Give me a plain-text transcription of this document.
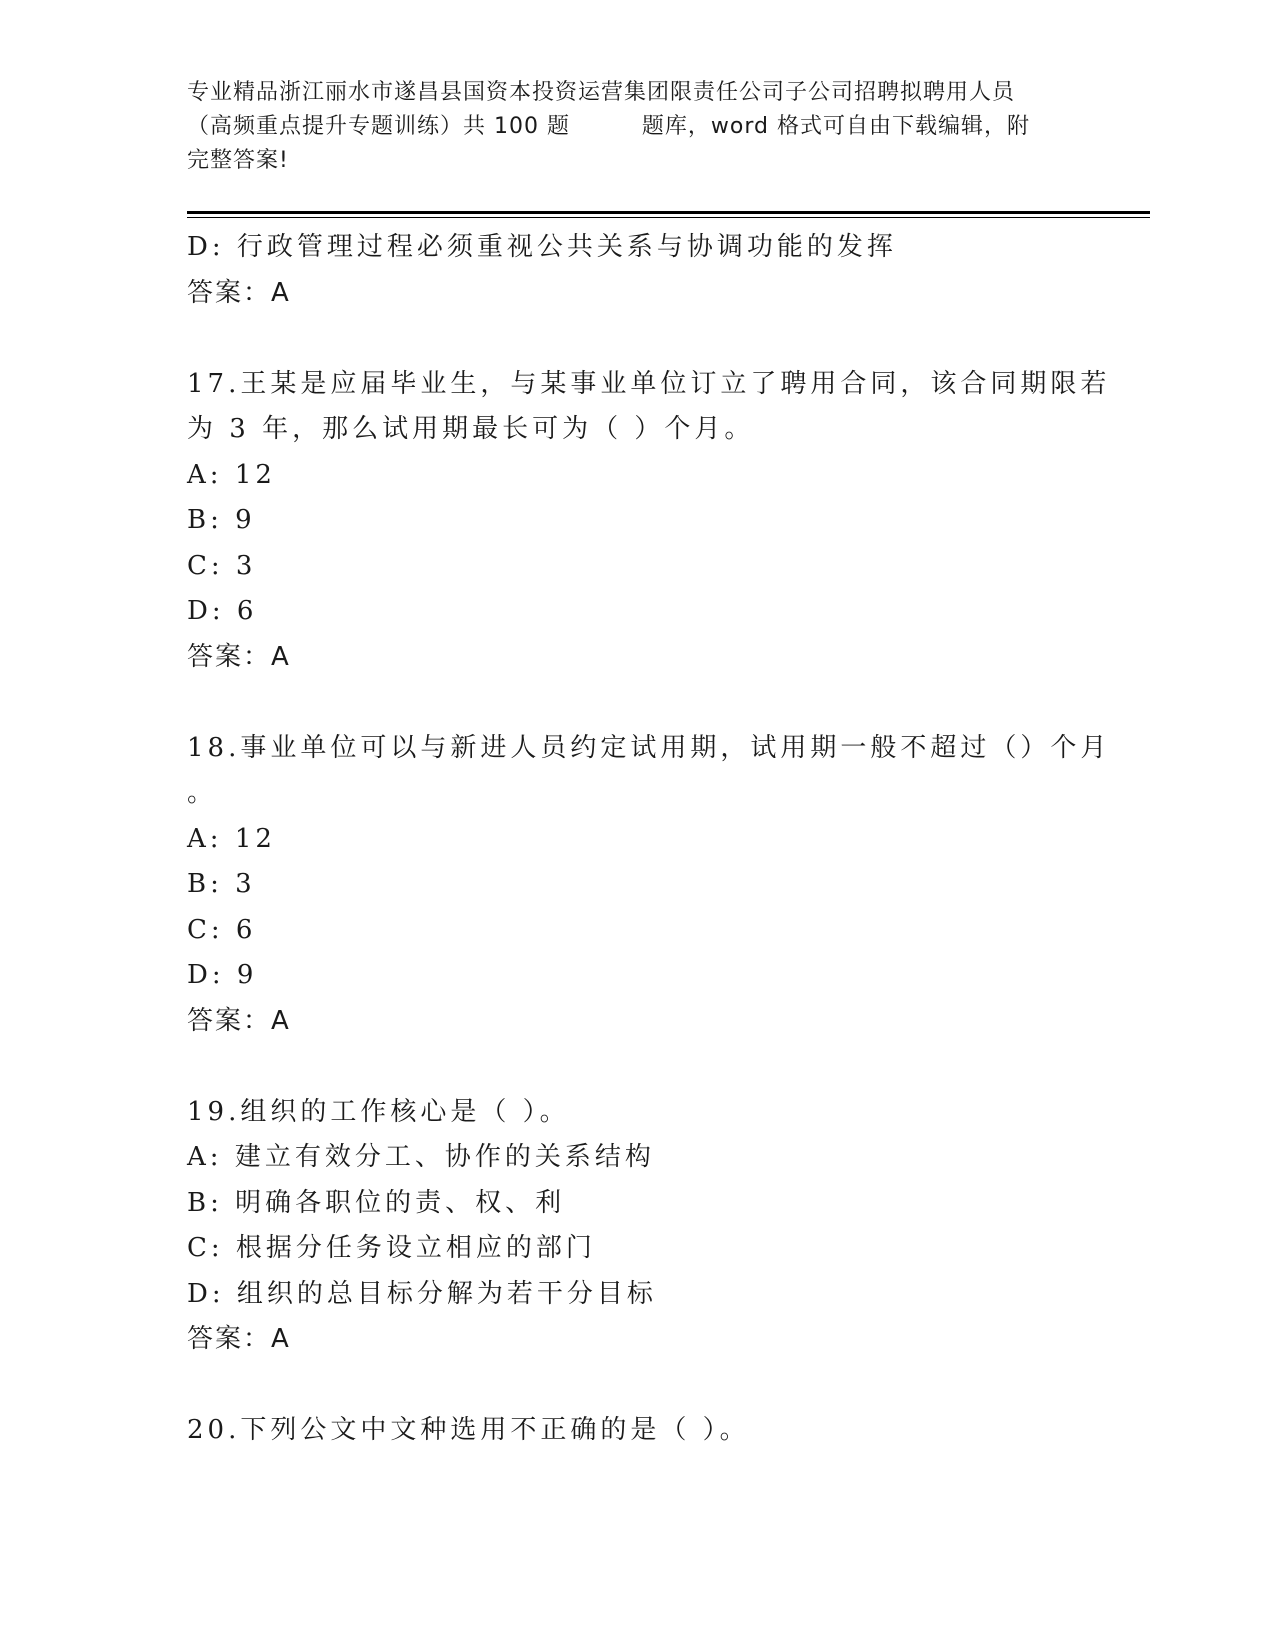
专业精品浙江丽水市遂昌县国资本投资运营集团限责任公司子公司招聘拟聘用人员
（高频重点提升专题训练）共 100 题         题库，word 格式可自由下载编辑，附
完整答案!
D: 行政管理过程必须重视公共关系与协调功能的发挥
答案：A
17.王某是应届毕业生，与某事业单位订立了聘用合同，该合同期限若
为 3 年，那么试用期最长可为（ ）个月。
A: 12
B: 9
C: 3
D: 6
答案：A
18.事业单位可以与新进人员约定试用期，试用期一般不超过（）个月
。
A: 12
B: 3
C: 6
D: 9
答案：A
19.组织的工作核心是（ ）。
A: 建立有效分工、协作的关系结构
B: 明确各职位的责、权、利
C: 根据分任务设立相应的部门
D: 组织的总目标分解为若干分目标
答案：A
20.下列公文中文种选用不正确的是（ ）。
